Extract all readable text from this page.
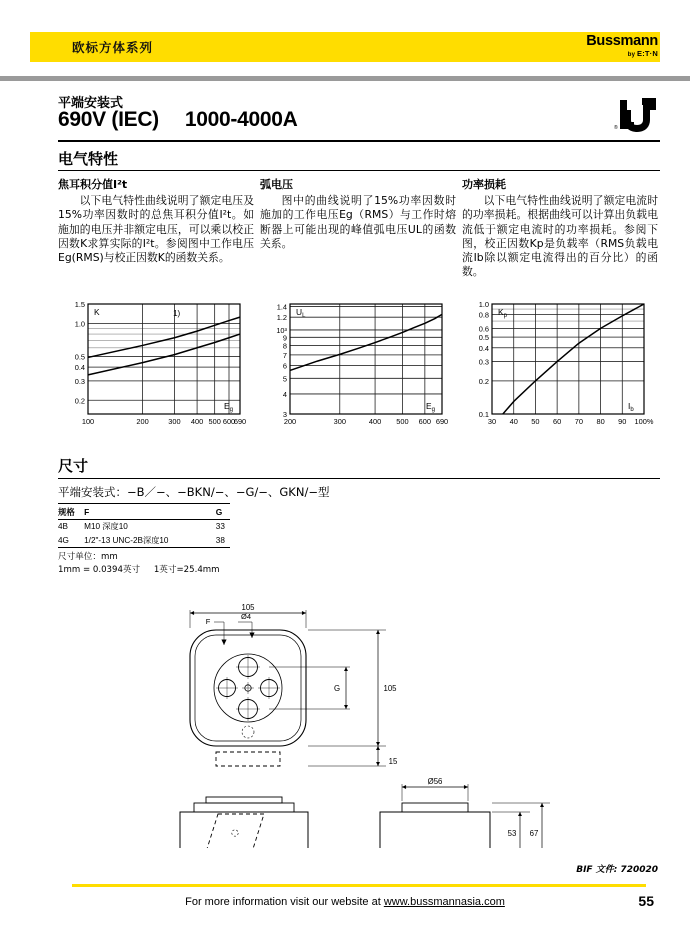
欧标方体系列	Bussmann
by E:T·N
平端安装式
690V (IEC) 1000-4000A	®
电气特性
焦耳积分值I²t

以下电气特性曲线说明了额定电压及15%功率因数时的总焦耳积分值I²t。如施加的电压并非额定电压，可以乘以校正因数K求算实际的I²t。参阅图中工作电压Eg(RMS)与校正因数K的函数关系。

弧电压

图中的曲线说明了15%功率因数时施加的工作电压Eg（RMS）与工作时熔断器上可能出现的峰值弧电压UL的函数关系。

功率损耗

以下电气特性曲线说明了额定电流时的功率损耗。根据曲线可以计算出负载电流低于额定电流时的功率损耗。参阅下图，校正因数Kp是负载率（RMS负载电流Ib除以额定电流得出的百分比）的函数。

1.5
1.0
0.5
0.4
0.3
0.2
100	200	300 400 500 600
690
K
$E_g$
1)
1.4
1.2
10³
9
8
7
6
5
4
3
200	300	400 500 600 690
$U_L$
$E_g$
1.0
0.8
0.6
0.5
0.4
0.3
0.2
0.1
30 40 50 60 70 80 90 100%
$K_p$
$I_b$
尺寸
平端安装式：−B／−、−BKN/−、−G/−、GKN/−型
规格	F	G
4B	M10 深度10	33
4G	1/2"-13 UNC-2B深度10	38
尺寸单位：mm
1mm = 0.0394英寸 1英寸=25.4mm
F
Ø4
105
105
G
15
Ø56
53 67
BIF 文件: 720020
For more information visit our website at www.bussmannasia.com	55
